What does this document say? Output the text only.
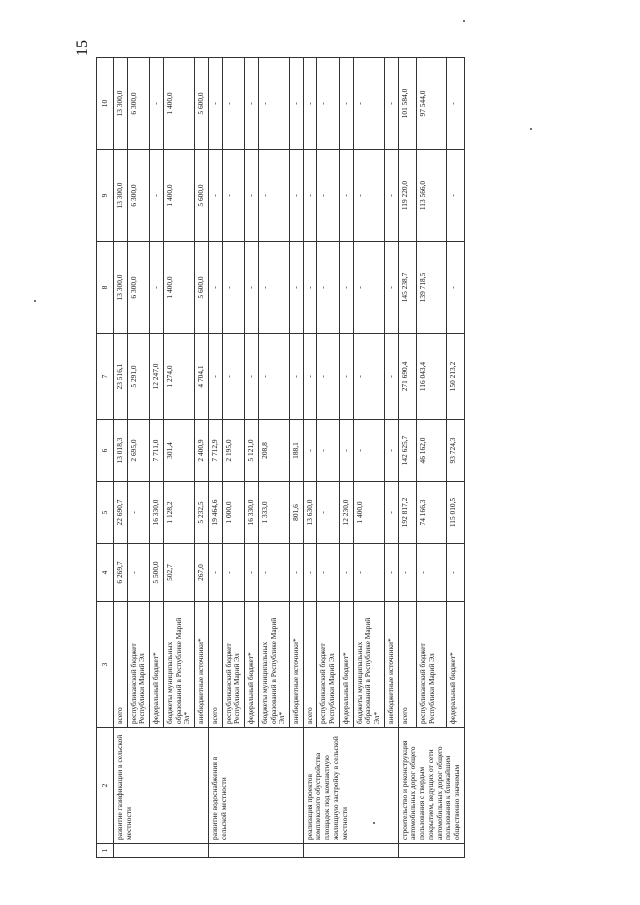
15
1	2	3	4	5	6	7	8	9	10
	развитие газификации в сельской местности	всего	6 269,7	22 690,7	13 018,3	23 516,1	13 300,0	13 300,0	13 300,0
		республиканский бюджет Республики Марий Эл	-	-	2 695,0	5 291,0	6 300,0	6 300,0	6 300,0
		федеральный бюджет*	5 500,0	16 330,0	7 711,0	12 247,0	-	-	-
		бюджеты муниципальных образований в Республике Марий Эл*	502,7	1 128,2	301,4	1 274,0	1 400,0	1 400,0	1 400,0
		внебюджетные источники*	267,0	5 232,5	2 400,9	4 704,1	5 600,0	5 600,0	5 600,0
	развитие водоснабжения в сельской местности	всего	-	19 464,6	7 712,9	-	-	-	-
		республиканский бюджет Республики Марий Эл	-	1 000,0	2 195,0	-	-	-	-
		федеральный бюджет*	-	16 330,0	5 121,0	-	-	-	-
		бюджеты муниципальных образований в Республике Марий Эл*	-	1 333,0	208,8	-	-	-	-
		внебюджетные источники*	-	801,6	188,1	-	-	-	-
	реализация проектов комплексного обустройства площадок под компактную жилищную застройку в сельской местности	всего	-	13 630,0	-	-	-	-	-
		республиканский бюджет Республики Марий Эл	-	-	-	-	-	-	-
		федеральный бюджет*	-	12 230,0	-	-	-	-	-
		бюджеты муниципальных образований в Республике Марий Эл*	-	1 400,0	-	-	-	-	-
		внебюджетные источники*	-	-	-	-	-	-	-
	строительство и реконструкция автомобильных дорог общего пользования с твердым покрытием, ведущих от сети автомобильных дорог общего пользования к ближайшим общественно значимым	всего	-	192 817,2	142 625,7	271 690,4	145 238,7	119 220,0	101 584,0
		республиканский бюджет Республики Марий Эл	-	74 166,3	46 162,0	116 043,4	139 718,5	113 566,0	97 544,0
		федеральный бюджет*	-	115 010,5	93 724,3	150 213,2	-	-	-
